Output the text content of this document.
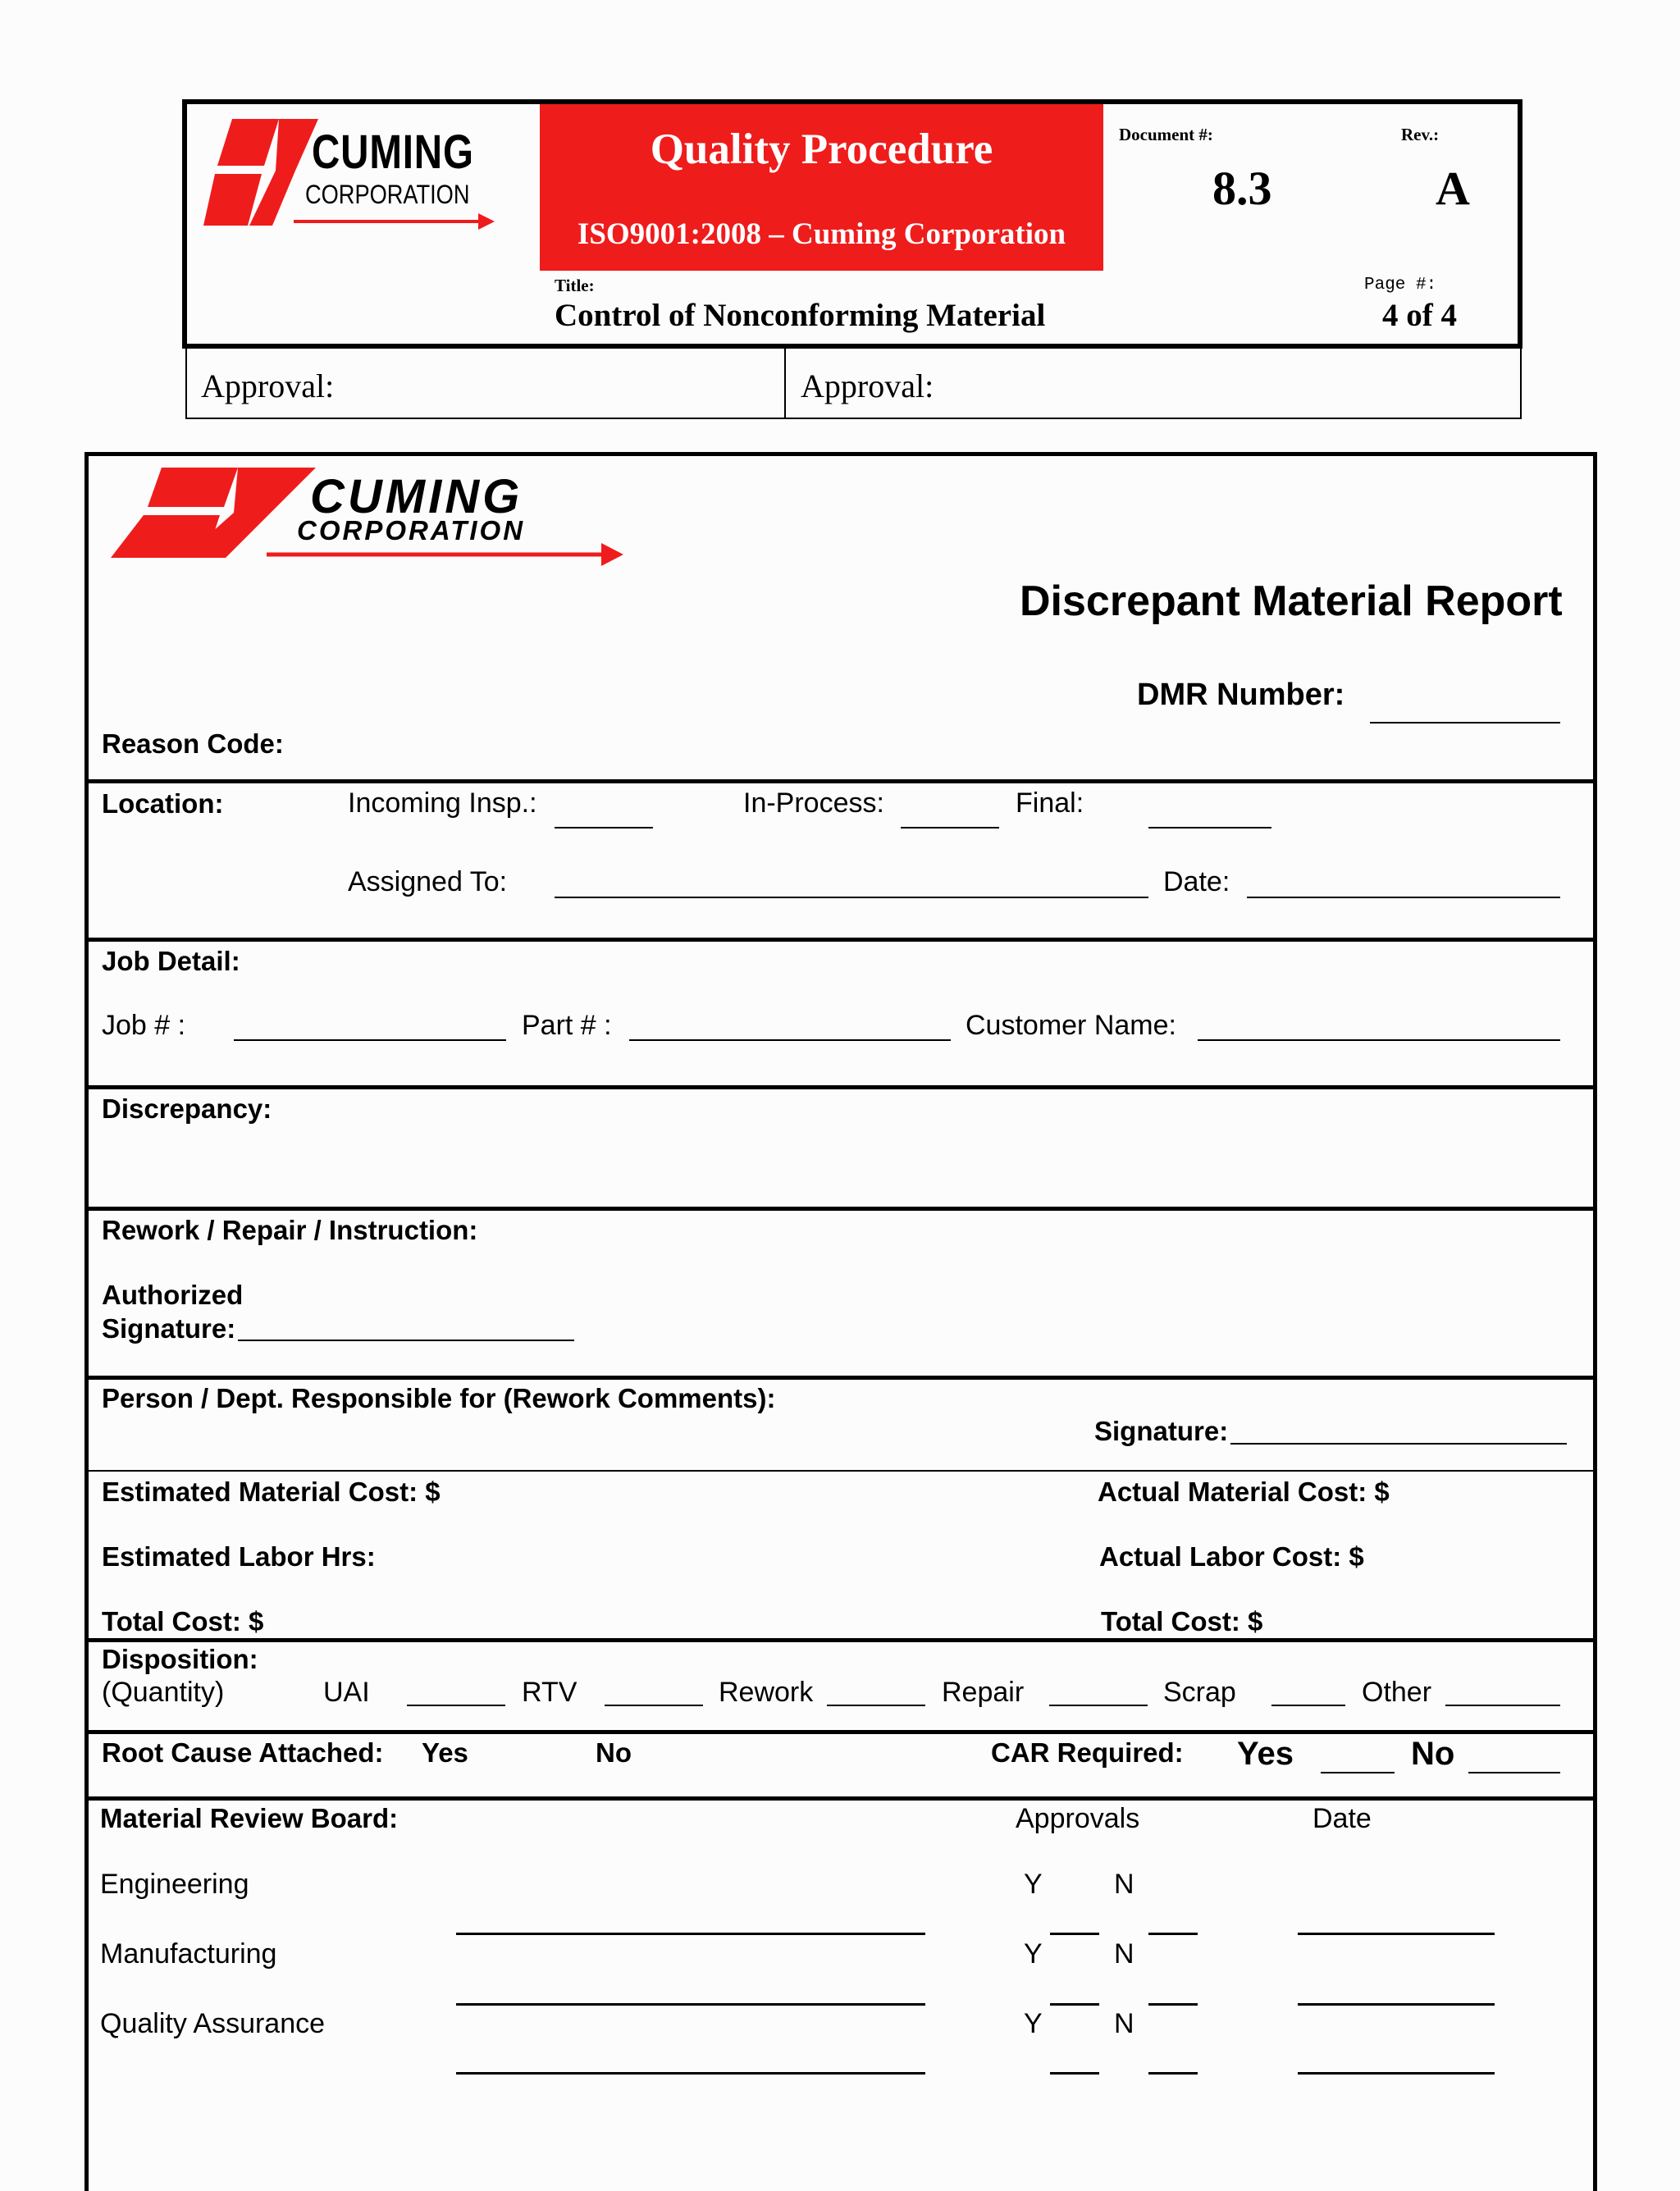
CUMING
CORPORATION
Quality Procedure
ISO9001:2008 – Cuming Corporation
Document #:
8.3
Rev.:
A
Title:
Control of Nonconforming Material
Page #:
4 of 4
Approval:	Approval:
CUMING
CORPORATION
Discrepant Material Report
DMR Number:
Reason Code:
Location:	Incoming Insp.:	In-Process:	Final:
Assigned To:	Date:
Job Detail:
Job # :	Part # :	Customer Name:
Discrepancy:
Rework / Repair / Instruction:
Authorized
Signature:
Person / Dept. Responsible for (Rework Comments):
Signature:
Estimated Material Cost: $	Actual Material Cost: $
Estimated Labor Hrs:	Actual Labor Cost: $
Total Cost: $	Total Cost: $
Disposition:
(Quantity)	UAI	RTV	Rework	Repair	Scrap	Other
Root Cause Attached: Yes	No	CAR Required: Yes	No
Material Review Board:	Approvals	Date
Engineering	Y	N
Manufacturing	Y	N
Quality Assurance	Y	N
